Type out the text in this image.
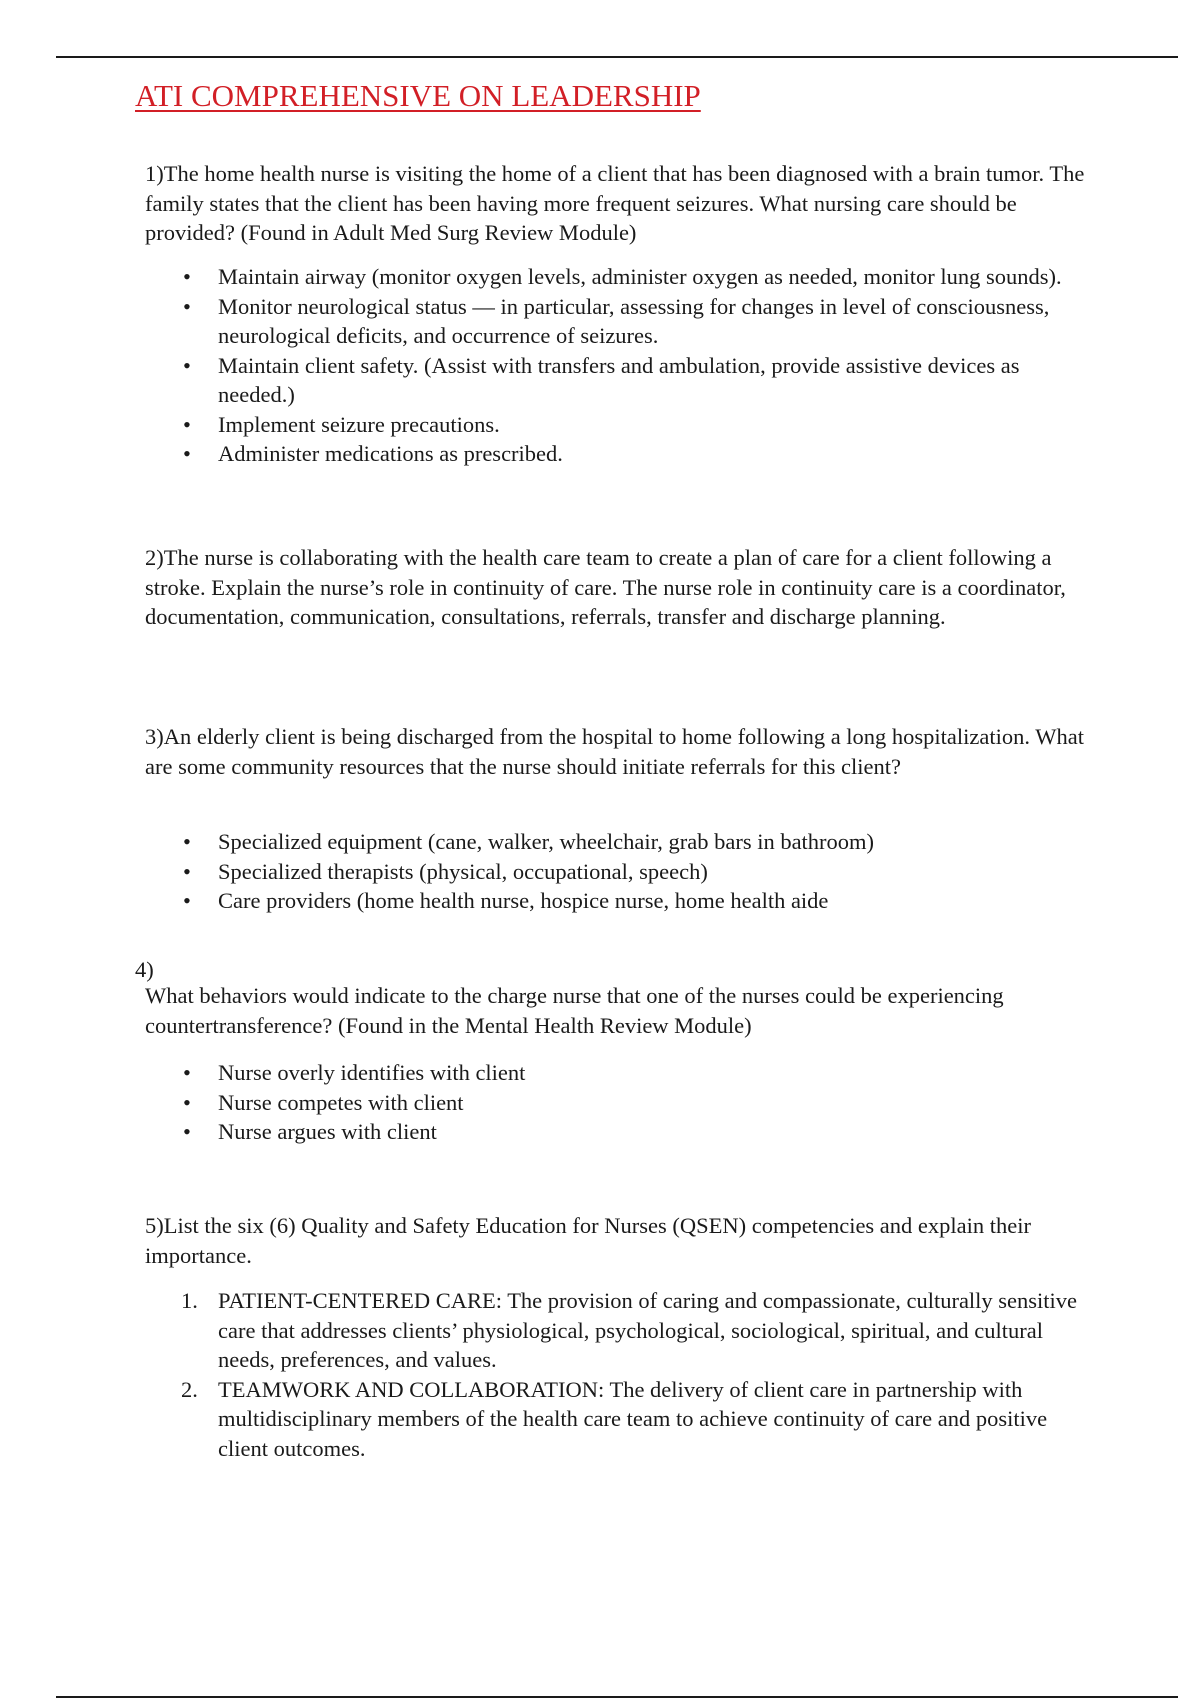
ATI COMPREHENSIVE ON LEADERSHIP
1)The home health nurse is visiting the home of a client that has been diagnosed with a brain tumor. The family states that the client has been having more frequent seizures. What nursing care should be provided? (Found in Adult Med Surg Review Module)
• Maintain airway (monitor oxygen levels, administer oxygen as needed, monitor lung sounds).
• Monitor neurological status — in particular, assessing for changes in level of consciousness, neurological deficits, and occurrence of seizures.
• Maintain client safety. (Assist with transfers and ambulation, provide assistive devices as needed.)
• Implement seizure precautions.
• Administer medications as prescribed.
2)The nurse is collaborating with the health care team to create a plan of care for a client following a stroke. Explain the nurse’s role in continuity of care. The nurse role in continuity care is a coordinator, documentation, communication, consultations, referrals, transfer and discharge planning.
3)An elderly client is being discharged from the hospital to home following a long hospitalization. What are some community resources that the nurse should initiate referrals for this client?
• Specialized equipment (cane, walker, wheelchair, grab bars in bathroom)
• Specialized therapists (physical, occupational, speech)
• Care providers (home health nurse, hospice nurse, home health aide
4)
What behaviors would indicate to the charge nurse that one of the nurses could be experiencing countertransference? (Found in the Mental Health Review Module)
• Nurse overly identifies with client
• Nurse competes with client
• Nurse argues with client
5)List the six (6) Quality and Safety Education for Nurses (QSEN) competencies and explain their importance.
1. PATIENT-CENTERED CARE: The provision of caring and compassionate, culturally sensitive care that addresses clients’ physiological, psychological, sociological, spiritual, and cultural needs, preferences, and values.
2. TEAMWORK AND COLLABORATION: The delivery of client care in partnership with multidisciplinary members of the health care team to achieve continuity of care and positive client outcomes.
